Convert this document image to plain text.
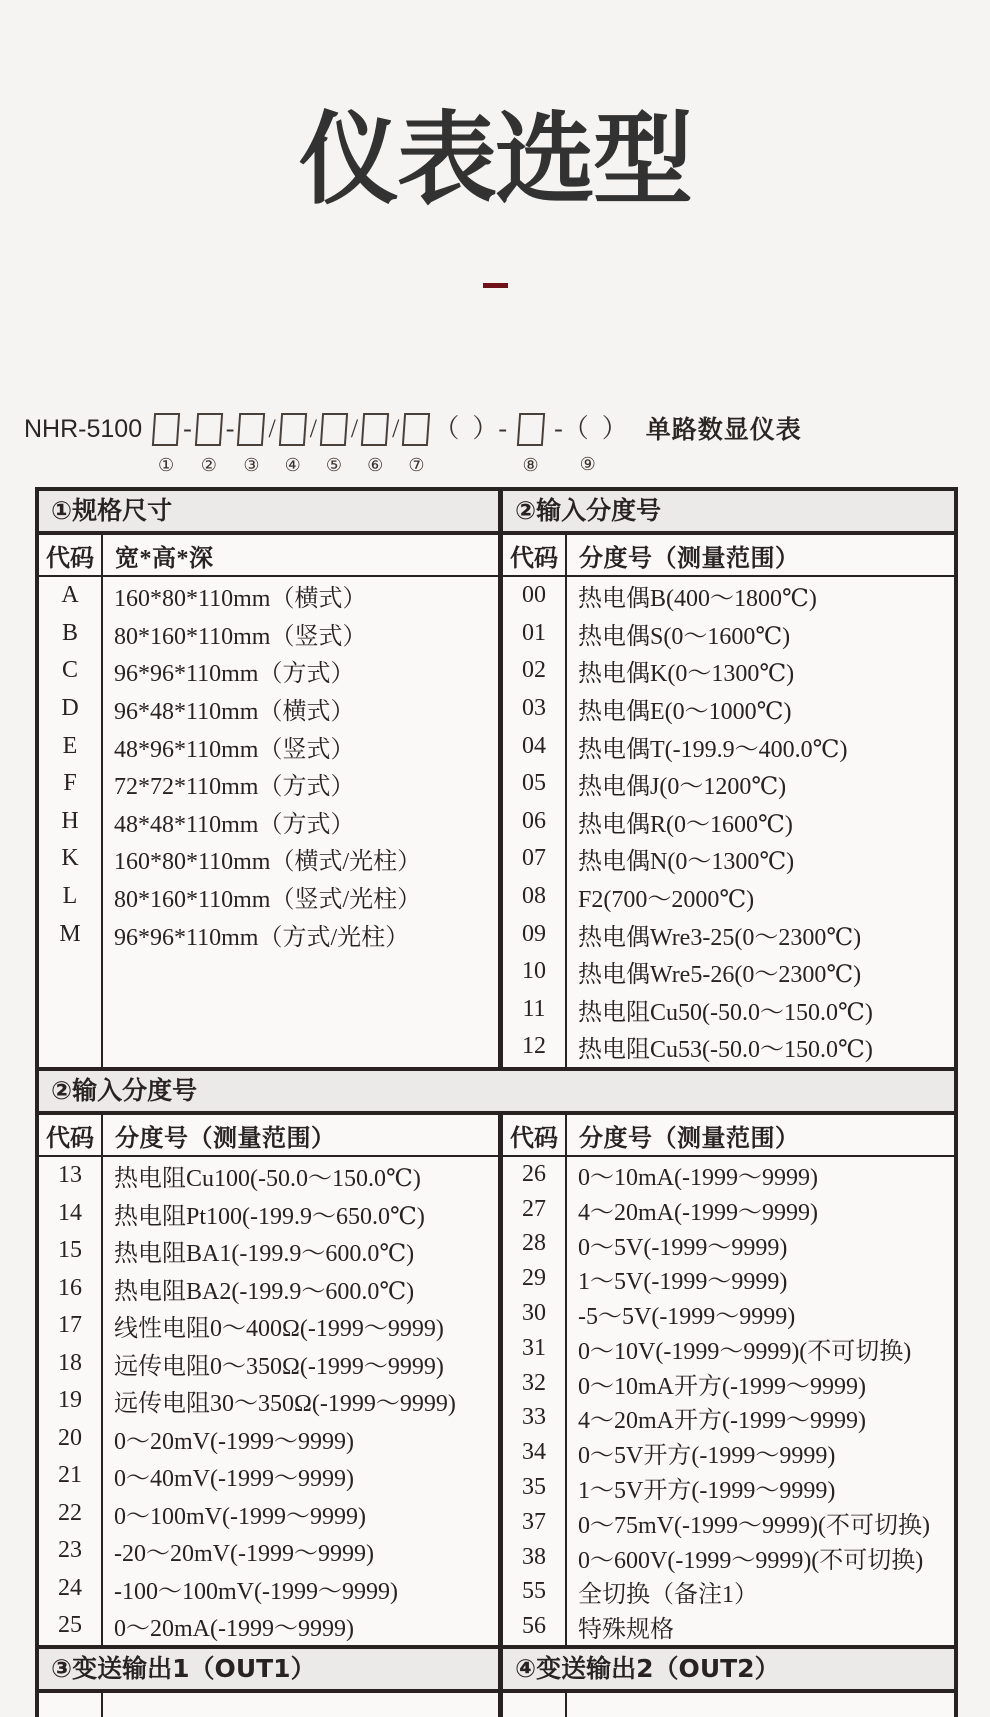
仪表选型
NHR-5100
①
-
②
-
③
/
④
/
⑤
/
⑥
/
⑦
（  ）-
⑧
-（  ）
⑨
单路数显仪表
①规格尺寸	②输入分度号
代码 宽*高*深
A	160*80*110mm（横式）
B	80*160*110mm（竖式）
C	96*96*110mm（方式）
D	96*48*110mm（横式）
E	48*96*110mm（竖式）
F	72*72*110mm（方式）
H	48*48*110mm（方式）
K	160*80*110mm（横式/光柱）
L	80*160*110mm（竖式/光柱）
M	96*96*110mm（方式/光柱）
代码 分度号（测量范围）
00	热电偶B(400～1800℃)
01	热电偶S(0～1600℃)
02	热电偶K(0～1300℃)
03	热电偶E(0～1000℃)
04	热电偶T(-199.9～400.0℃)
05	热电偶J(0～1200℃)
06	热电偶R(0～1600℃)
07	热电偶N(0～1300℃)
08	F2(700～2000℃)
09	热电偶Wre3-25(0～2300℃)
10	热电偶Wre5-26(0～2300℃)
11	热电阻Cu50(-50.0～150.0℃)
12	热电阻Cu53(-50.0～150.0℃)
②输入分度号
代码 分度号（测量范围）
13	热电阻Cu100(-50.0～150.0℃)
14	热电阻Pt100(-199.9～650.0℃)
15	热电阻BA1(-199.9～600.0℃)
16	热电阻BA2(-199.9～600.0℃)
17	线性电阻0～400Ω(-1999～9999)
18	远传电阻0～350Ω(-1999～9999)
19	远传电阻30～350Ω(-1999～9999)
20	0～20mV(-1999～9999)
21	0～40mV(-1999～9999)
22	0～100mV(-1999～9999)
23	-20～20mV(-1999～9999)
24	-100～100mV(-1999～9999)
25	0～20mA(-1999～9999)
代码 分度号（测量范围）
26	0～10mA(-1999～9999)
27	4～20mA(-1999～9999)
28	0～5V(-1999～9999)
29	1～5V(-1999～9999)
30	-5～5V(-1999～9999)
31	0～10V(-1999～9999)(不可切换)
32	0～10mA开方(-1999～9999)
33	4～20mA开方(-1999～9999)
34	0～5V开方(-1999～9999)
35	1～5V开方(-1999～9999)
37	0～75mV(-1999～9999)(不可切换)
38	0～600V(-1999～9999)(不可切换)
55	全切换（备注1）
56	特殊规格
③变送输出1（OUT1）	④变送输出2（OUT2）
